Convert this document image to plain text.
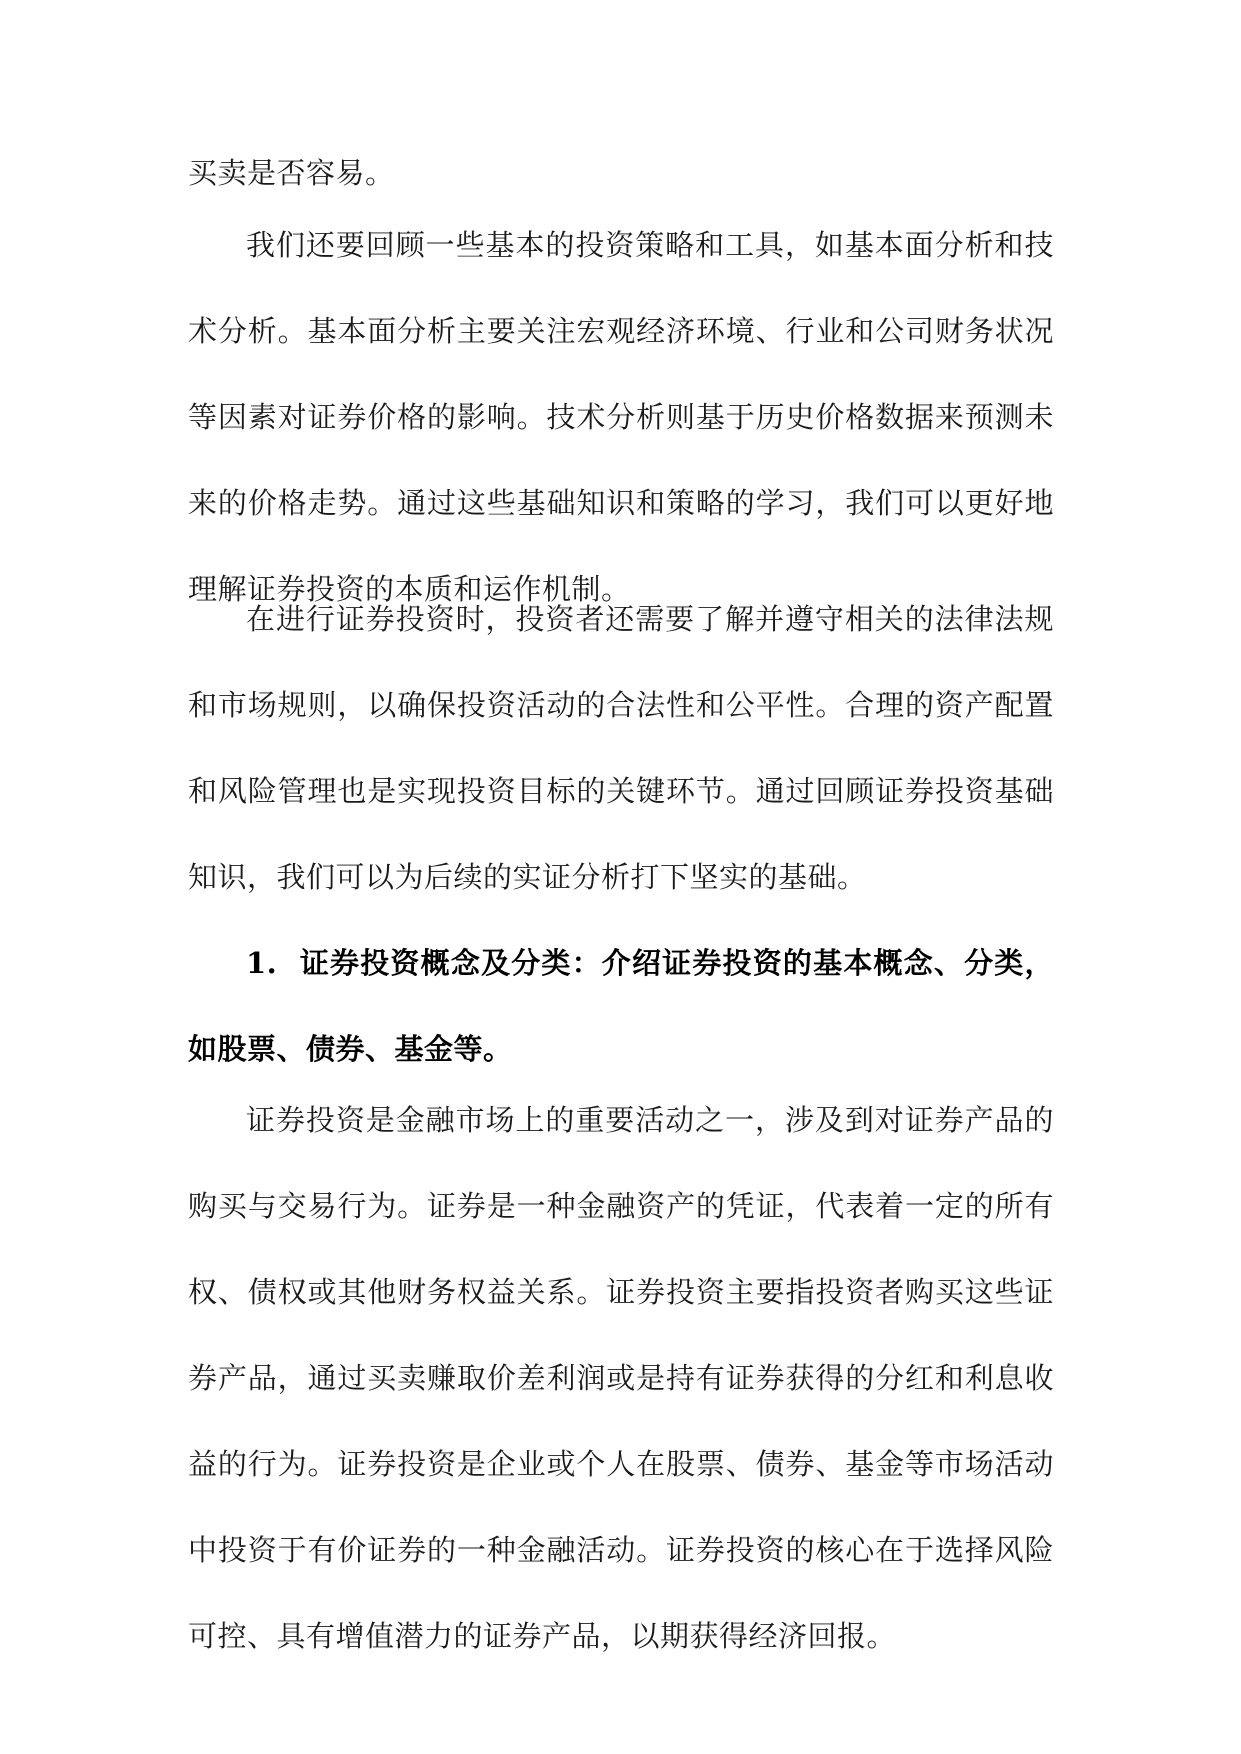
买卖是否容易。

我们还要回顾一些基本的投资策略和工具，如基本面分析和技术分析。基本面分析主要关注宏观经济环境、行业和公司财务状况等因素对证券价格的影响。技术分析则基于历史价格数据来预测未来的价格走势。通过这些基础知识和策略的学习，我们可以更好地理解证券投资的本质和运作机制。

在进行证券投资时，投资者还需要了解并遵守相关的法律法规和市场规则，以确保投资活动的合法性和公平性。合理的资产配置和风险管理也是实现投资目标的关键环节。通过回顾证券投资基础知识，我们可以为后续的实证分析打下坚实的基础。

1. 证券投资概念及分类：介绍证券投资的基本概念、分类，如股票、债券、基金等。

证券投资是金融市场上的重要活动之一，涉及到对证券产品的购买与交易行为。证券是一种金融资产的凭证，代表着一定的所有权、债权或其他财务权益关系。证券投资主要指投资者购买这些证券产品，通过买卖赚取价差利润或是持有证券获得的分红和利息收益的行为。证券投资是企业或个人在股票、债券、基金等市场活动中投资于有价证券的一种金融活动。证券投资的核心在于选择风险可控、具有增值潜力的证券产品，以期获得经济回报。
